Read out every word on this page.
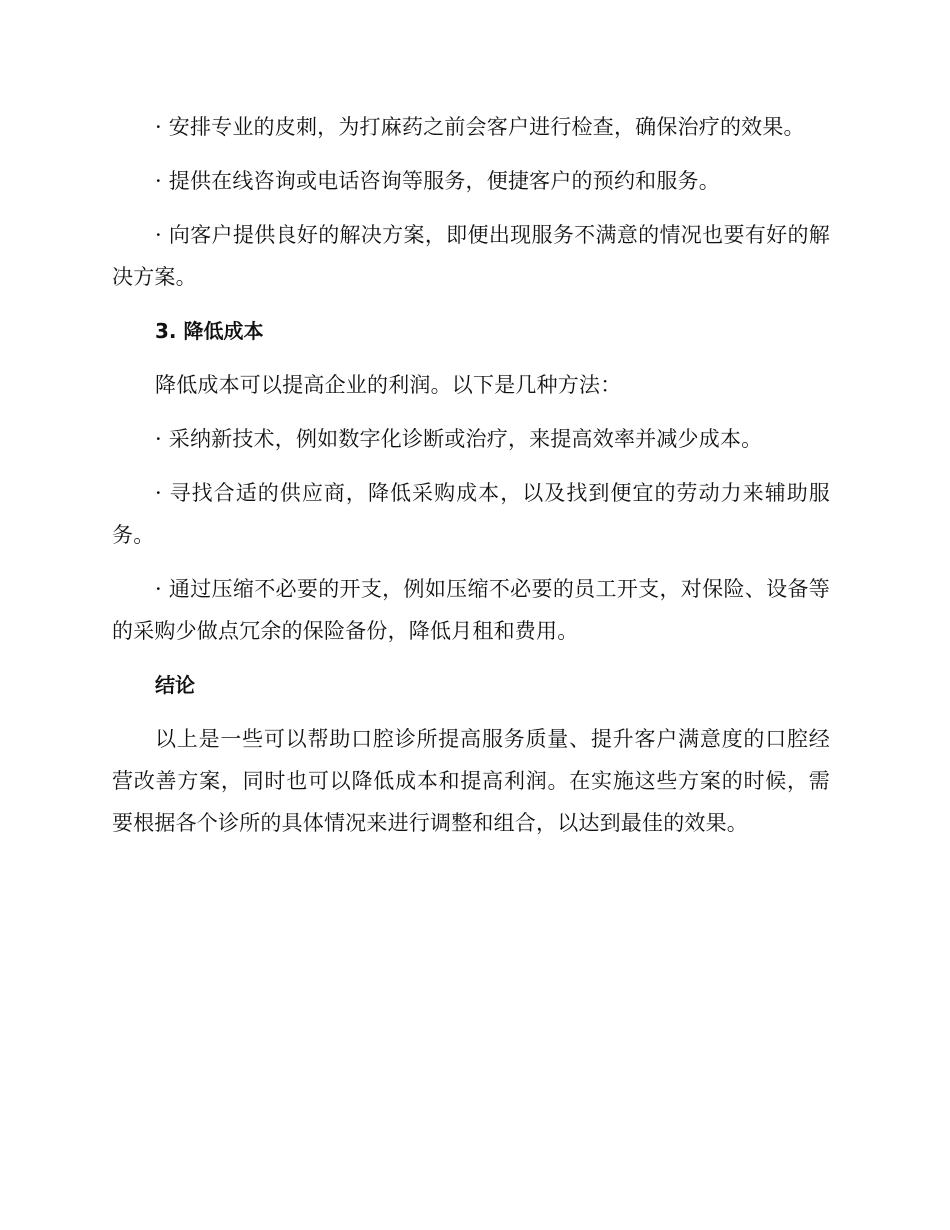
· 安排专业的皮刺，为打麻药之前会客户进行检查，确保治疗的效果。

· 提供在线咨询或电话咨询等服务，便捷客户的预约和服务。

· 向客户提供良好的解决方案，即便出现服务不满意的情况也要有好的解决方案。

3. 降低成本

降低成本可以提高企业的利润。以下是几种方法：

· 采纳新技术，例如数字化诊断或治疗，来提高效率并减少成本。

· 寻找合适的供应商，降低采购成本，以及找到便宜的劳动力来辅助服务。

· 通过压缩不必要的开支，例如压缩不必要的员工开支，对保险、设备等的采购少做点冗余的保险备份，降低月租和费用。

结论

以上是一些可以帮助口腔诊所提高服务质量、提升客户满意度的口腔经营改善方案，同时也可以降低成本和提高利润。在实施这些方案的时候，需要根据各个诊所的具体情况来进行调整和组合，以达到最佳的效果。
